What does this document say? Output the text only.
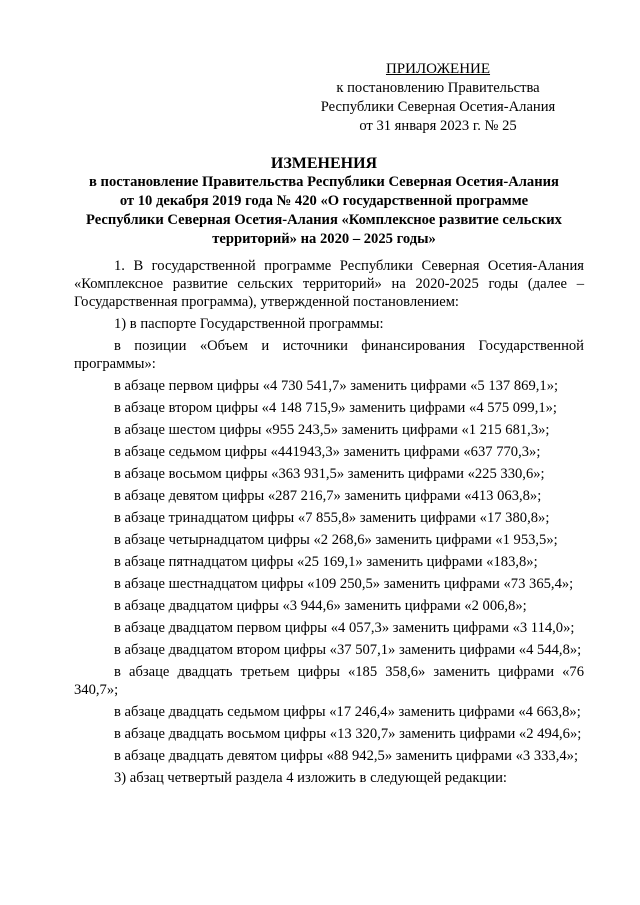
ПРИЛОЖЕНИЕ
к постановлению Правительства
Республики Северная Осетия-Алания
от 31 января 2023 г. № 25
ИЗМЕНЕНИЯ
в постановление Правительства Республики Северная Осетия-Алания от 10 декабря 2019 года № 420 «О государственной программе Республики Северная Осетия-Алания «Комплексное развитие сельских территорий» на 2020 – 2025 годы»

1. В государственной программе Республики Северная Осетия-Алания «Комплексное развитие сельских территорий» на 2020-2025 годы (далее – Государственная программа), утвержденной постановлением:

1) в паспорте Государственной программы:

в позиции «Объем и источники финансирования Государственной программы»:

в абзаце первом цифры «4 730 541,7» заменить цифрами «5 137 869,1»;

в абзаце втором цифры «4 148 715,9» заменить цифрами «4 575 099,1»;

в абзаце шестом цифры «955 243,5» заменить цифрами «1 215 681,3»;

в абзаце седьмом цифры «441943,3» заменить цифрами «637 770,3»;

в абзаце восьмом цифры «363 931,5» заменить цифрами «225 330,6»;

в абзаце девятом цифры «287 216,7» заменить цифрами «413 063,8»;

в абзаце тринадцатом цифры «7 855,8» заменить цифрами «17 380,8»;

в абзаце четырнадцатом цифры «2 268,6» заменить цифрами «1 953,5»;

в абзаце пятнадцатом цифры «25 169,1» заменить цифрами «183,8»;

в абзаце шестнадцатом цифры «109 250,5» заменить цифрами «73 365,4»;

в абзаце двадцатом цифры «3 944,6» заменить цифрами «2 006,8»;

в абзаце двадцатом первом цифры «4 057,3» заменить цифрами «3 114,0»;

в абзаце двадцатом втором цифры «37 507,1» заменить цифрами «4 544,8»;

в абзаце двадцать третьем цифры «185 358,6» заменить цифрами «76 340,7»;

в абзаце двадцать седьмом цифры «17 246,4» заменить цифрами «4 663,8»;

в абзаце двадцать восьмом цифры «13 320,7» заменить цифрами «2 494,6»;

в абзаце двадцать девятом цифры «88 942,5» заменить цифрами «3 333,4»;

3) абзац четвертый раздела 4 изложить в следующей редакции:
